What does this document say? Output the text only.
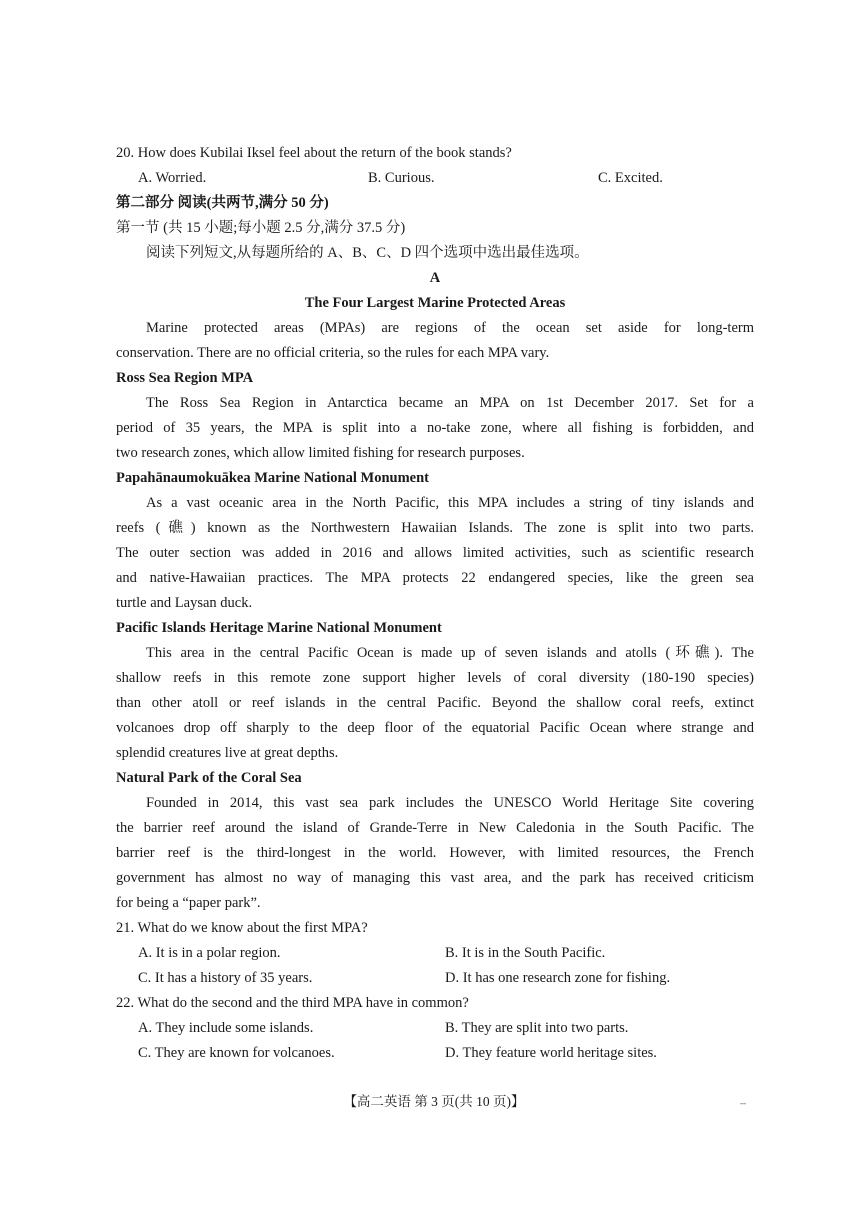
20. How does Kubilai Iksel feel about the return of the book stands?
A. Worried.	B. Curious.	C. Excited.
第二部分 阅读(共两节,满分 50 分)
第一节 (共 15 小题;每小题 2.5 分,满分 37.5 分)
阅读下列短文,从每题所给的 A、B、C、D 四个选项中选出最佳选项。
A
The Four Largest Marine Protected Areas
Marine protected areas (MPAs) are regions of the ocean set aside for long-term
conservation. There are no official criteria, so the rules for each MPA vary.
Ross Sea Region MPA
The Ross Sea Region in Antarctica became an MPA on 1st December 2017. Set for a
period of 35 years, the MPA is split into a no-take zone, where all fishing is forbidden, and
two research zones, which allow limited fishing for research purposes.
Papahānaumokuākea Marine National Monument
As a vast oceanic area in the North Pacific, this MPA includes a string of tiny islands and
reefs (礁) known as the Northwestern Hawaiian Islands. The zone is split into two parts.
The outer section was added in 2016 and allows limited activities, such as scientific research
and native-Hawaiian practices. The MPA protects 22 endangered species, like the green sea
turtle and Laysan duck.
Pacific Islands Heritage Marine National Monument
This area in the central Pacific Ocean is made up of seven islands and atolls (环礁). The
shallow reefs in this remote zone support higher levels of coral diversity (180-190 species)
than other atoll or reef islands in the central Pacific. Beyond the shallow coral reefs, extinct
volcanoes drop off sharply to the deep floor of the equatorial Pacific Ocean where strange and
splendid creatures live at great depths.
Natural Park of the Coral Sea
Founded in 2014, this vast sea park includes the UNESCO World Heritage Site covering
the barrier reef around the island of Grande-Terre in New Caledonia in the South Pacific. The
barrier reef is the third-longest in the world. However, with limited resources, the French
government has almost no way of managing this vast area, and the park has received criticism
for being a “paper park”.
21. What do we know about the first MPA?
A. It is in a polar region.	B. It is in the South Pacific.
C. It has a history of 35 years.	D. It has one research zone for fishing.
22. What do the second and the third MPA have in common?
A. They include some islands.	B. They are split into two parts.
C. They are known for volcanoes.	D. They feature world heritage sites.
【高二英语 第 3 页(共 10 页)】	--
